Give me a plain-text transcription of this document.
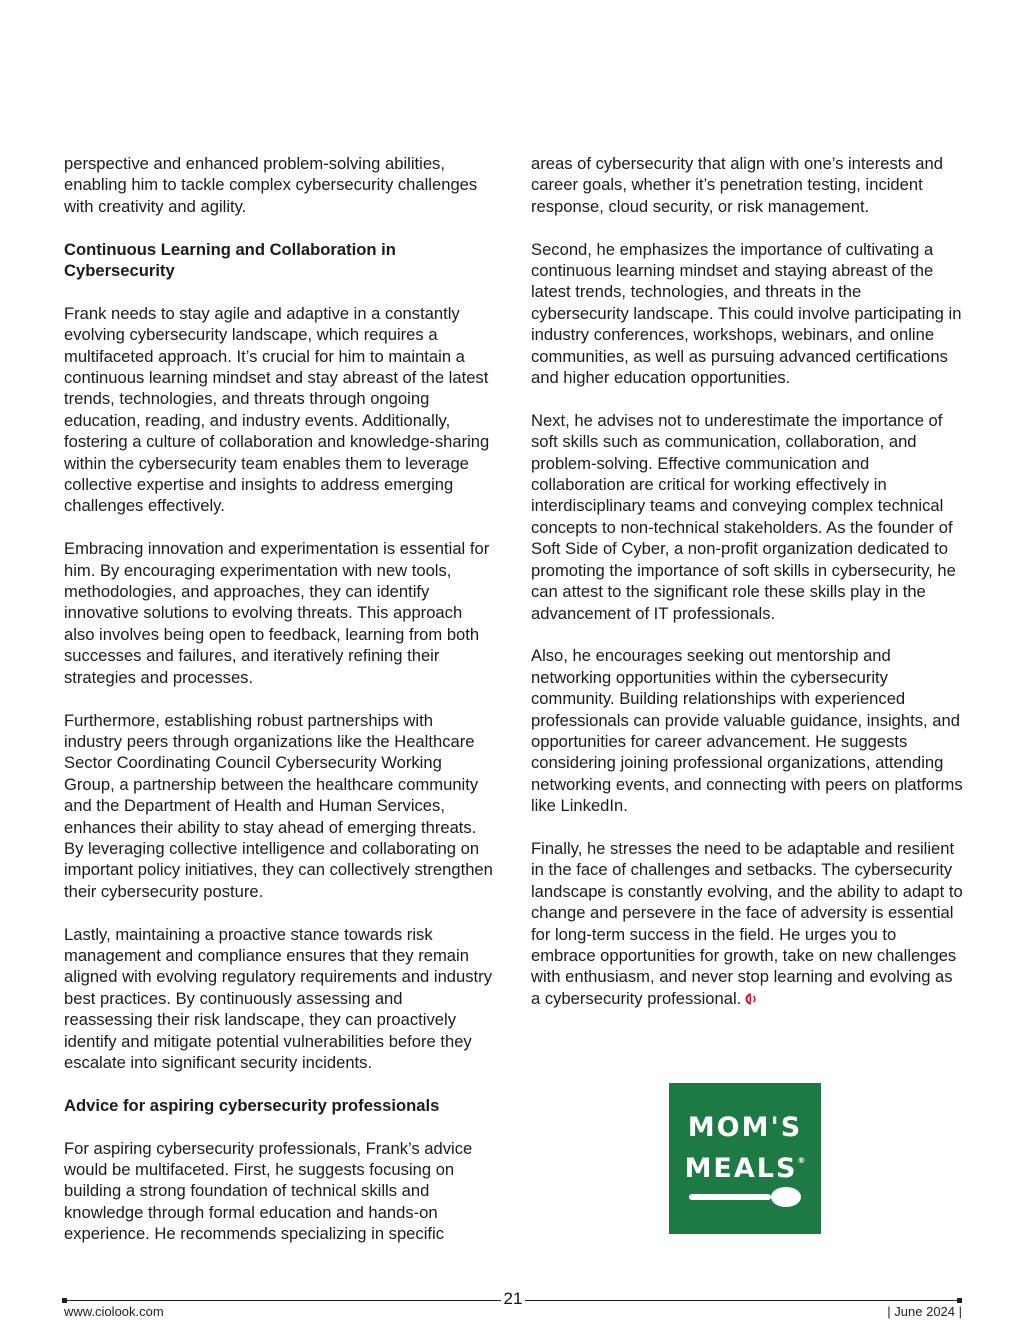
perspective and enhanced problem-solving abilities, enabling him to tackle complex cybersecurity challenges with creativity and agility.

Continuous Learning and Collaboration in Cybersecurity

Frank needs to stay agile and adaptive in a constantly evolving cybersecurity landscape, which requires a multifaceted approach. It’s crucial for him to maintain a continuous learning mindset and stay abreast of the latest trends, technologies, and threats through ongoing education, reading, and industry events. Additionally, fostering a culture of collaboration and knowledge-sharing within the cybersecurity team enables them to leverage collective expertise and insights to address emerging challenges effectively.

Embracing innovation and experimentation is essential for him. By encouraging experimentation with new tools, methodologies, and approaches, they can identify innovative solutions to evolving threats. This approach also involves being open to feedback, learning from both successes and failures, and iteratively refining their strategies and processes.

Furthermore, establishing robust partnerships with industry peers through organizations like the Healthcare Sector Coordinating Council Cybersecurity Working Group, a partnership between the healthcare community and the Department of Health and Human Services, enhances their ability to stay ahead of emerging threats. By leveraging collective intelligence and collaborating on important policy initiatives, they can collectively strengthen their cybersecurity posture.

Lastly, maintaining a proactive stance towards risk management and compliance ensures that they remain aligned with evolving regulatory requirements and industry best practices. By continuously assessing and reassessing their risk landscape, they can proactively identify and mitigate potential vulnerabilities before they escalate into significant security incidents.

Advice for aspiring cybersecurity professionals

For aspiring cybersecurity professionals, Frank’s advice would be multifaceted. First, he suggests focusing on building a strong foundation of technical skills and knowledge through formal education and hands-on experience. He recommends specializing in specific

areas of cybersecurity that align with one’s interests and career goals, whether it’s penetration testing, incident response, cloud security, or risk management.

Second, he emphasizes the importance of cultivating a continuous learning mindset and staying abreast of the latest trends, technologies, and threats in the cybersecurity landscape. This could involve participating in industry conferences, workshops, webinars, and online communities, as well as pursuing advanced certifications and higher education opportunities.

Next, he advises not to underestimate the importance of soft skills such as communication, collaboration, and problem-solving. Effective communication and collaboration are critical for working effectively in interdisciplinary teams and conveying complex technical concepts to non-technical stakeholders. As the founder of Soft Side of Cyber, a non-profit organization dedicated to promoting the importance of soft skills in cybersecurity, he can attest to the significant role these skills play in the advancement of IT professionals.

Also, he encourages seeking out mentorship and networking opportunities within the cybersecurity community. Building relationships with experienced professionals can provide valuable guidance, insights, and opportunities for career advancement. He suggests considering joining professional organizations, attending networking events, and connecting with peers on platforms like LinkedIn.

Finally, he stresses the need to be adaptable and resilient in the face of challenges and setbacks. The cybersecurity landscape is constantly evolving, and the ability to adapt to change and persevere in the face of adversity is essential for long-term success in the field. He urges you to embrace opportunities for growth, take on new challenges with enthusiasm, and never stop learning and evolving as a cybersecurity professional.

MOM'S
MEALS®
21
www.ciolook.com	| June 2024 |
